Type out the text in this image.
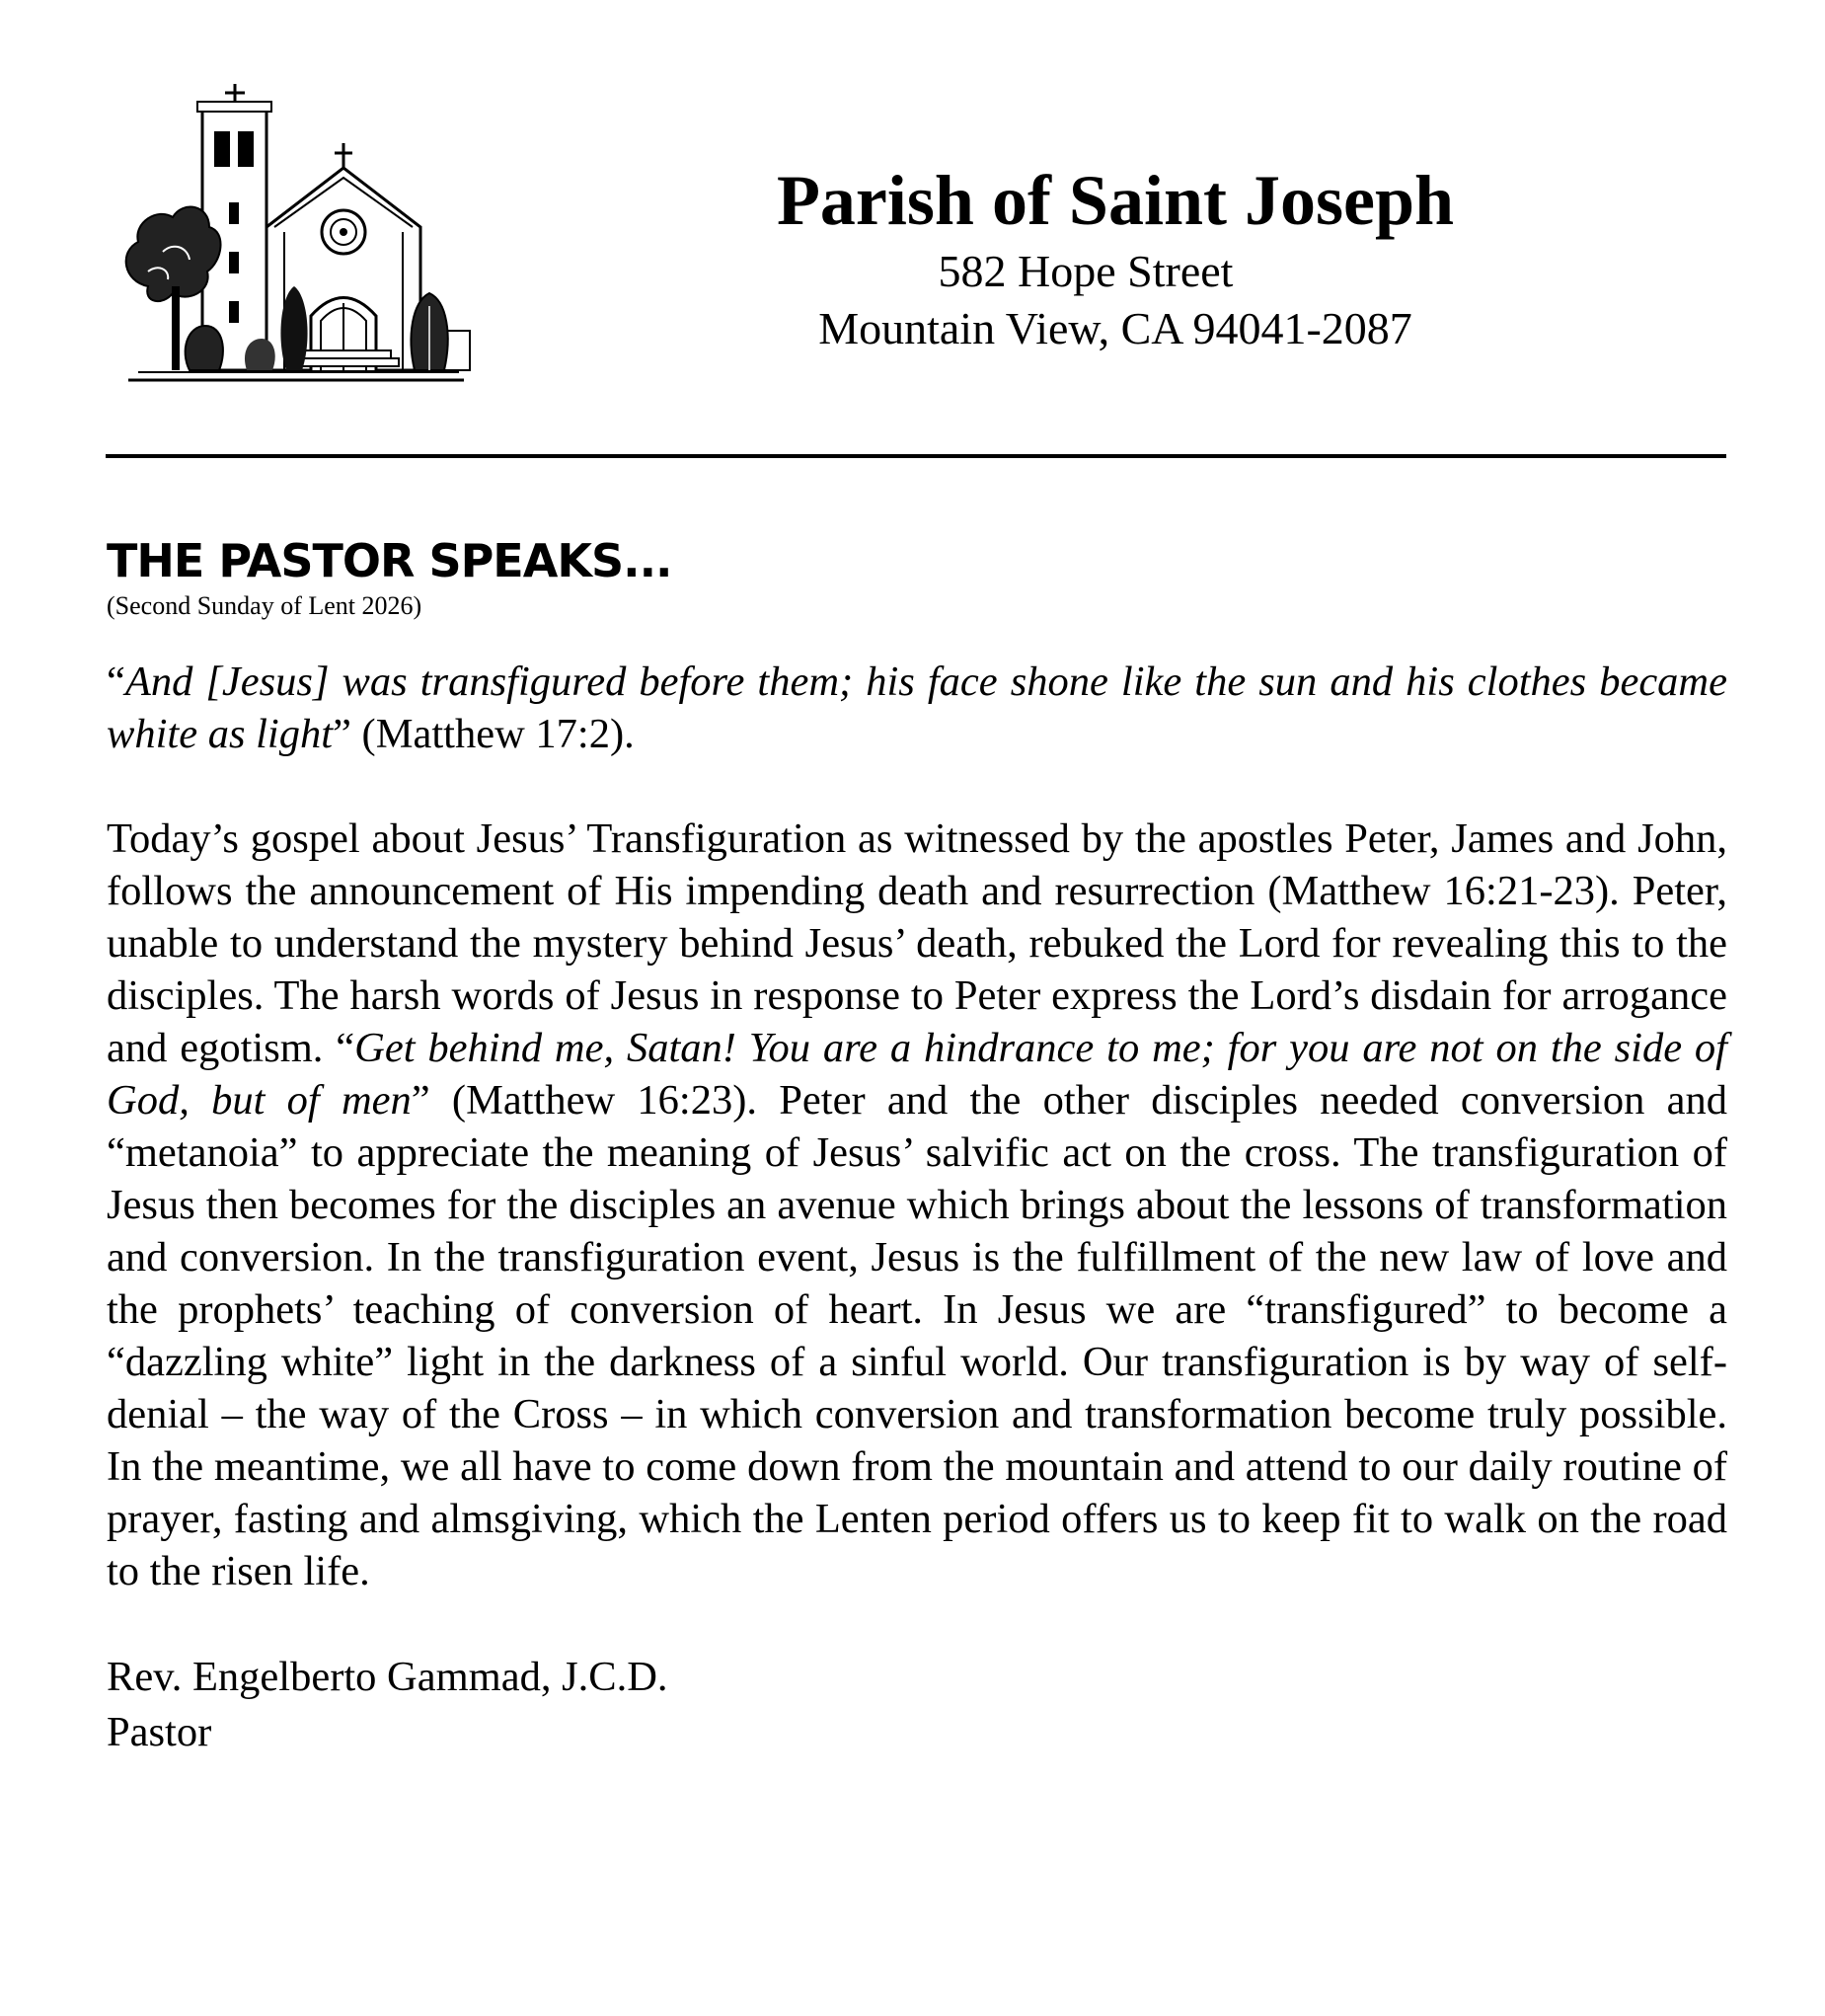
Parish of Saint Joseph
582 Hope Street
Mountain View, CA 94041-2087
THE PASTOR SPEAKS...
(Second Sunday of Lent 2026)

“And [Jesus] was transfigured before them; his face shone like the sun and his clothes became white as light” (Matthew 17:2).

Today’s gospel about Jesus’ Transfiguration as witnessed by the apostles Peter, James and John, follows the announcement of His impending death and resurrection (Matthew 16:21-23). Peter, unable to understand the mystery behind Jesus’ death, rebuked the Lord for revealing this to the disciples. The harsh words of Jesus in response to Peter express the Lord’s disdain for arrogance and egotism. “Get behind me, Satan! You are a hindrance to me; for you are not on the side of God, but of men” (Matthew 16:23). Peter and the other disciples needed conversion and “metanoia” to appreciate the meaning of Jesus’ salvific act on the cross. The transfiguration of Jesus then becomes for the disciples an avenue which brings about the lessons of transformation and conversion. In the transfiguration event, Jesus is the fulfillment of the new law of love and the prophets’ teaching of conversion of heart. In Jesus we are “transfigured” to become a “dazzling white” light in the darkness of a sinful world. Our transfiguration is by way of self-denial – the way of the Cross – in which conversion and transformation become truly possible. In the meantime, we all have to come down from the mountain and attend to our daily routine of prayer, fasting and almsgiving, which the Lenten period offers us to keep fit to walk on the road to the risen life.

Rev. Engelberto Gammad, J.C.D.
Pastor
